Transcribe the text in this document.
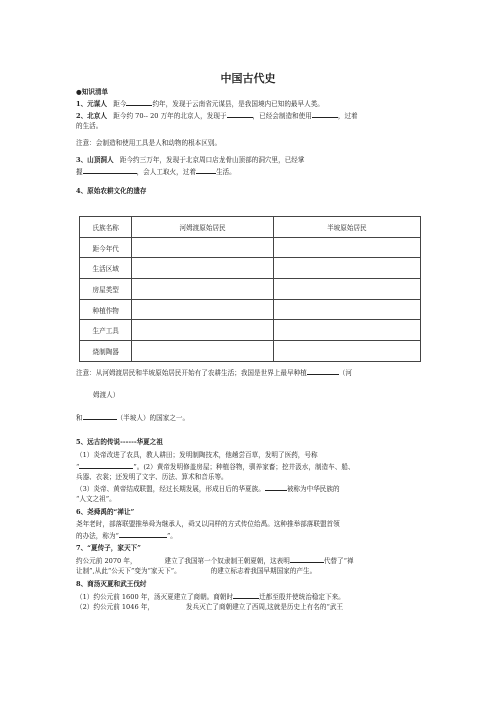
中国古代史
●知识清单
1、元谋人 距今	约年，发现于云南省元谋县，是我国境内已知的最早人类。
2、北京人 距今约 70-- 20 万年的北京人，发现于	，已经会制造和使用	，过着
的生活。
注意：会制造和使用工具是人和动物的根本区别。
3、山顶洞人 距今约三万年，发现于北京周口店龙骨山顶部的洞穴里，已经掌
握	，会人工取火，过着	生活。
4、原始农耕文化的遗存
氏族名称	河姆渡原始居民	半坡原始居民
距今年代		
生活区域		
房屋类型		
种植作物		
生产工具		
烧制陶器		
注意：从河姆渡居民和半坡原始居民开始有了农耕生活；我国是世界上最早种植	（河
姆渡人）
和	（半坡人）的国家之一。
5、远古的传说------华夏之祖
（1）炎帝改进了农具，教人耕田；发明制陶技术，他趟尝百草，发明了医药，号称
“	”。(2）黄帝发明修盖房屋；种植谷物，驯养家畜；挖井汲水，制造车、船、
兵器、衣裳；还发明了文字、历法、算术和音乐等。
（3）炎帝、黄帝结成联盟，经过长期发展，形成日后的华夏族。	被称为中华民族的
“人文之祖”。
6、尧舜禹的“禅让”
尧年老时，部落联盟推举舜为继承人，舜又以同样的方式传位给禹。这种推举部落联盟首领
的办法，称为“	”。
7、“夏传子，家天下”
约公元前 2070 年，	建立了我国第一个奴隶制王朝夏朝，这表明	代替了“禅
让制”,从此“公天下”变为“家天下”。	的建立标志着我国早期国家的产生。
8、商汤灭夏和武王伐纣
（1）约公元前 1600 年，汤灭夏建立了商朝。商朝时	迁都至殷并使统治稳定下来。
（2）约公元前 1046 年，	发兵灭亡了商朝建立了西周,这就是历史上有名的“武王
